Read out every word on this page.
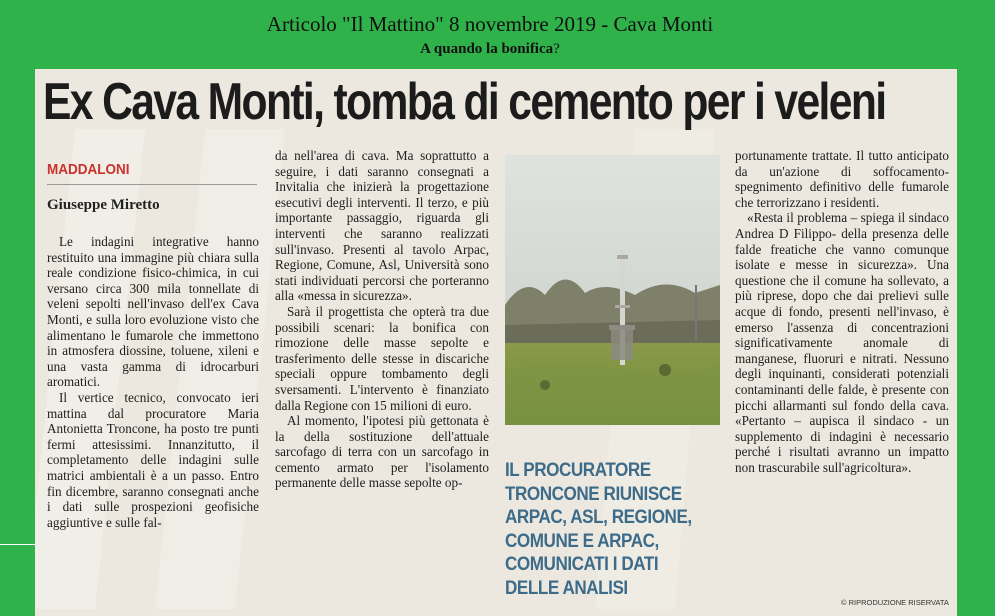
Articolo "Il Mattino" 8 novembre 2019 - Cava Monti
A quando la bonifica?
Ex Cava Monti, tomba di cemento per i veleni
MADDALONI
Giuseppe Miretto

Le indagini integrative hanno restituito una immagine più chiara sulla reale condizione fisico-chimica, in cui versano circa 300 mila tonnellate di veleni sepolti nell'invaso dell'ex Cava Monti, e sulla loro evoluzione visto che alimentano le fumarole che immettono in atmosfera diossine, toluene, xileni e una vasta gamma di idrocarburi aromatici.

Il vertice tecnico, convocato ieri mattina dal procuratore Maria Antonietta Troncone, ha posto tre punti fermi attesissimi. Innanzitutto, il completamento delle indagini sulle matrici ambientali è a un passo. Entro fin dicembre, saranno consegnati anche i dati sulle prospezioni geofisiche aggiuntive e sulle fal-

da nell'area di cava. Ma soprattutto a seguire, i dati saranno consegnati a Invitalia che inizierà la progettazione esecutivi degli interventi. Il terzo, e più importante passaggio, riguarda gli interventi che saranno realizzati sull'invaso. Presenti al tavolo Arpac, Regione, Comune, Asl, Università sono stati individuati percorsi che porteranno alla «messa in sicurezza».

Sarà il progettista che opterà tra due possibili scenari: la bonifica con rimozione delle masse sepolte e trasferimento delle stesse in discariche speciali oppure tombamento degli sversamenti. L'intervento è finanziato dalla Regione con 15 milioni di euro.

Al momento, l'ipotesi più gettonata è la della sostituzione dell'attuale sarcofago di terra con un sarcofago in cemento armato per l'isolamento permanente delle masse sepolte op-

IL PROCURATORE TRONCONE RIUNISCE ARPAC, ASL, REGIONE, COMUNE E ARPAC, COMUNICATI I DATI DELLE ANALISI

portunamente trattate. Il tutto anticipato da un'azione di soffocamento-spegnimento definitivo delle fumarole che terrorizzano i residenti.

«Resta il problema – spiega il sindaco Andrea D Filippo- della presenza delle falde freatiche che vanno comunque isolate e messe in sicurezza». Una questione che il comune ha sollevato, a più riprese, dopo che dai prelievi sulle acque di fondo, presenti nell'invaso, è emerso l'assenza di concentrazioni significativamente anomale di manganese, fluoruri e nitrati. Nessuno degli inquinanti, considerati potenziali contaminanti delle falde, è presente con picchi allarmanti sul fondo della cava. «Pertanto – aupisca il sindaco - un supplemento di indagini è necessario perché i risultati avranno un impatto non trascurabile sull'agricoltura».

© RIPRODUZIONE RISERVATA
